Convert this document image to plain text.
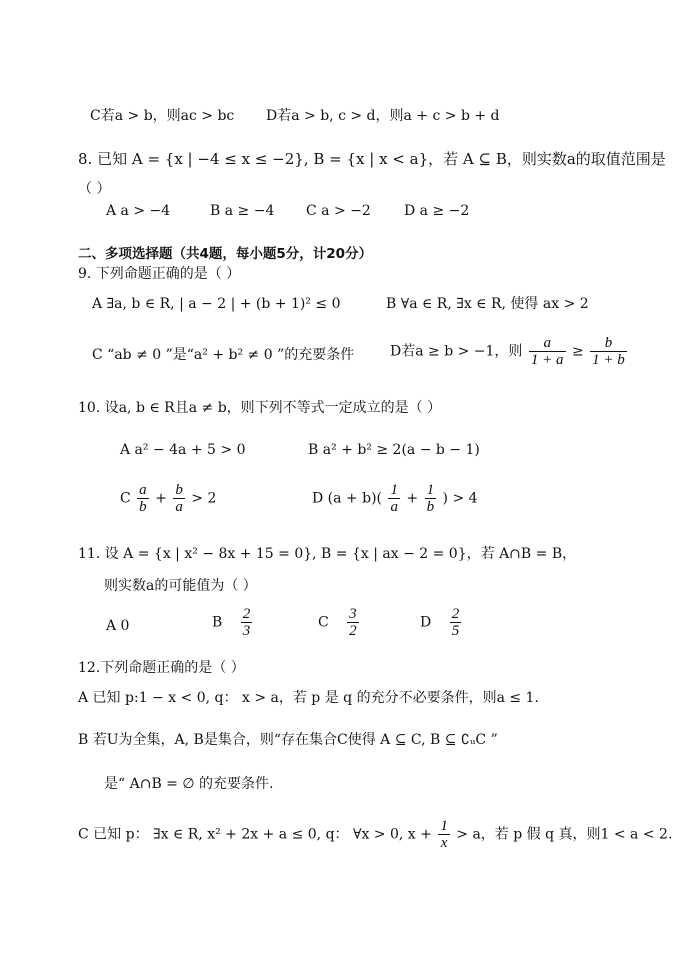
C若a > b，则ac > bc D若a > b, c > d，则a + c > b + d
8. 已知 A = {x | −4 ≤ x ≤ −2}, B = {x | x < a}，若 A ⊆ B，则实数a的取值范围是
（ ）
A a > −4	B a ≥ −4 C a > −2 D a ≥ −2
二、多项选择题（共4题，每小题5分，计20分）
9. 下列命题正确的是（ ）
A ∃a, b ∈ R, | a − 2 | + (b + 1)² ≤ 0	B ∀a ∈ R, ∃x ∈ R, 使得 ax > 2
C “ab ≠ 0 ”是“a² + b² ≠ 0 ”的充要条件	D若a ≥ b > −1，则 $\frac{a}{1 + a} \ge \frac{b}{1 + b}$
10. 设a, b ∈ R且a ≠ b，则下列不等式一定成立的是（ ）
A a² − 4a + 5 > 0	B a² + b² ≥ 2(a − b − 1)
C $\frac{a}{b} + \frac{b}{a} > 2$	D $(a + b)( \frac{1}{a} + \frac{1}{b}$ ) > 4
11. 设 A = {x | x² − 8x + 15 = 0}, B = {x | ax − 2 = 0}，若 A∩B = B，
则实数a的可能值为（ ）
A 0	B $\frac{2}{3}$	C $\frac{3}{2}$	D $\frac{2}{5}$
12.下列命题正确的是（ ）
A 已知 p:1 − x < 0, q： x > a，若 p 是 q 的充分不必要条件，则a ≤ 1.
B 若U为全集，A, B是集合，则“存在集合C使得 A ⊆ C, B ⊆ ∁ᵤC ”
是“ A∩B = ∅ 的充要条件.
C 已知 p： ∃x ∈ R, x² + 2x + a ≤ 0, q： ∀x > 0, $x + \frac{1}{x} > a$，若 p 假 q 真，则1 < a < 2.
